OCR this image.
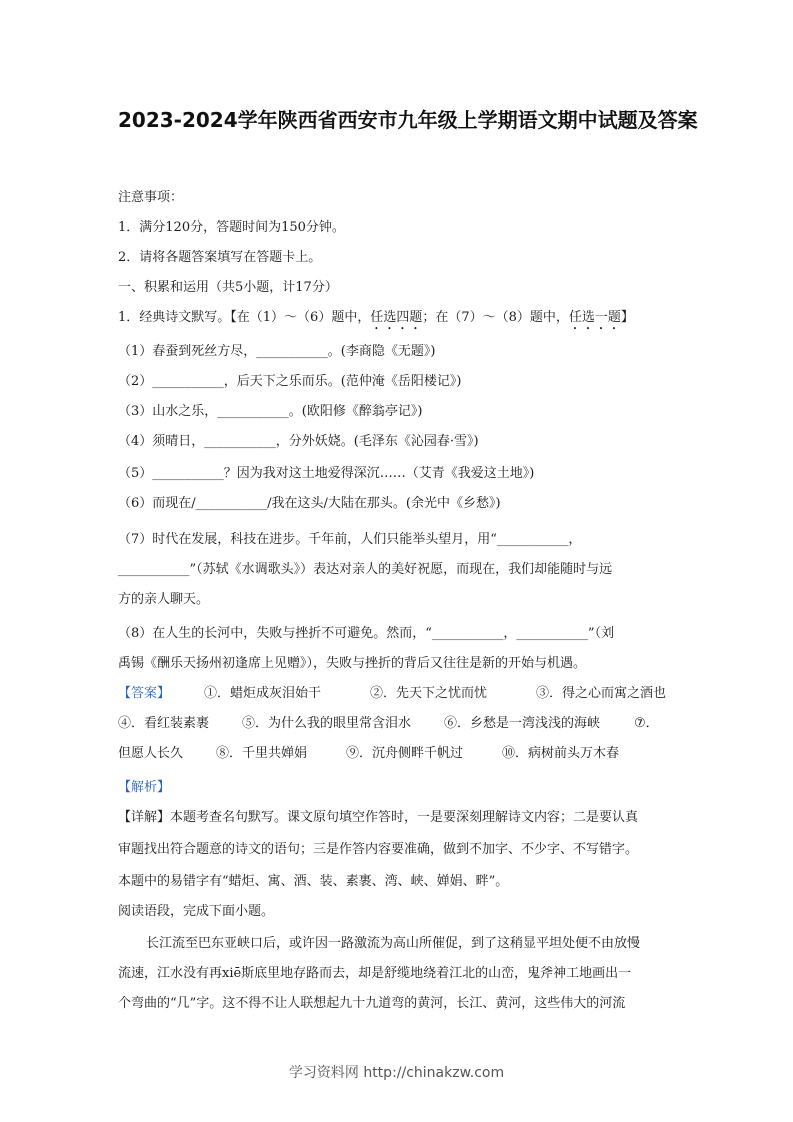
2023-2024学年陕西省西安市九年级上学期语文期中试题及答案
注意事项：
1．满分120分，答题时间为150分钟。
2．请将各题答案填写在答题卡上。
一、积累和运用（共5小题，计17分）
1．经典诗文默写。【在（1）～（6）题中，任选四题；在（7）～（8）题中，任选一题】
（1）春蚕到死丝方尽，___________。(李商隐《无题》)
（2）___________，后天下之乐而乐。(范仲淹《岳阳楼记》)
（3）山水之乐，___________。(欧阳修《醉翁亭记》)
（4）须晴日，___________，分外妖娆。(毛泽东《沁园春·雪》)
（5）___________？因为我对这土地爱得深沉……（艾青《我爱这土地》)
（6）而现在/___________/我在这头/大陆在那头。(余光中《乡愁》)
（7）时代在发展，科技在进步。千年前，人们只能举头望月，用“___________，
___________”（苏轼《水调歌头》）表达对亲人的美好祝愿，而现在，我们却能随时与远
方的亲人聊天。
（8）在人生的长河中，失败与挫折不可避免。然而，“___________，___________”（刘
禹锡《酬乐天扬州初逢席上见赠》），失败与挫折的背后又往往是新的开始与机遇。
【答案】	①．蜡炬成灰泪始干	②．先天下之忧而忧	③．得之心而寓之酒也
④．看红装素裹	⑤．为什么我的眼里常含泪水	⑥．乡愁是一湾浅浅的海峡	⑦．
但愿人长久	⑧．千里共婵娟	⑨．沉舟侧畔千帆过	⑩．病树前头万木春
【解析】
【详解】本题考查名句默写。课文原句填空作答时，一是要深刻理解诗文内容；二是要认真
审题找出符合题意的诗文的语句；三是作答内容要准确，做到不加字、不少字、不写错字。
本题中的易错字有“蜡炬、寓、酒、装、素裹、湾、峡、婵娟、畔”。
阅读语段，完成下面小题。
长江流至巴东亚峡口后，或许因一路激流为高山所催促，到了这稍显平坦处便不由放慢
流速，江水没有再xiē斯底里地存路而去，却是舒缆地绕着江北的山峦，鬼斧神工地画出一
个弯曲的“几”字。这不得不让人联想起九十九道弯的黄河，长江、黄河，这些伟大的河流
学习资料网 http://chinakzw.com
